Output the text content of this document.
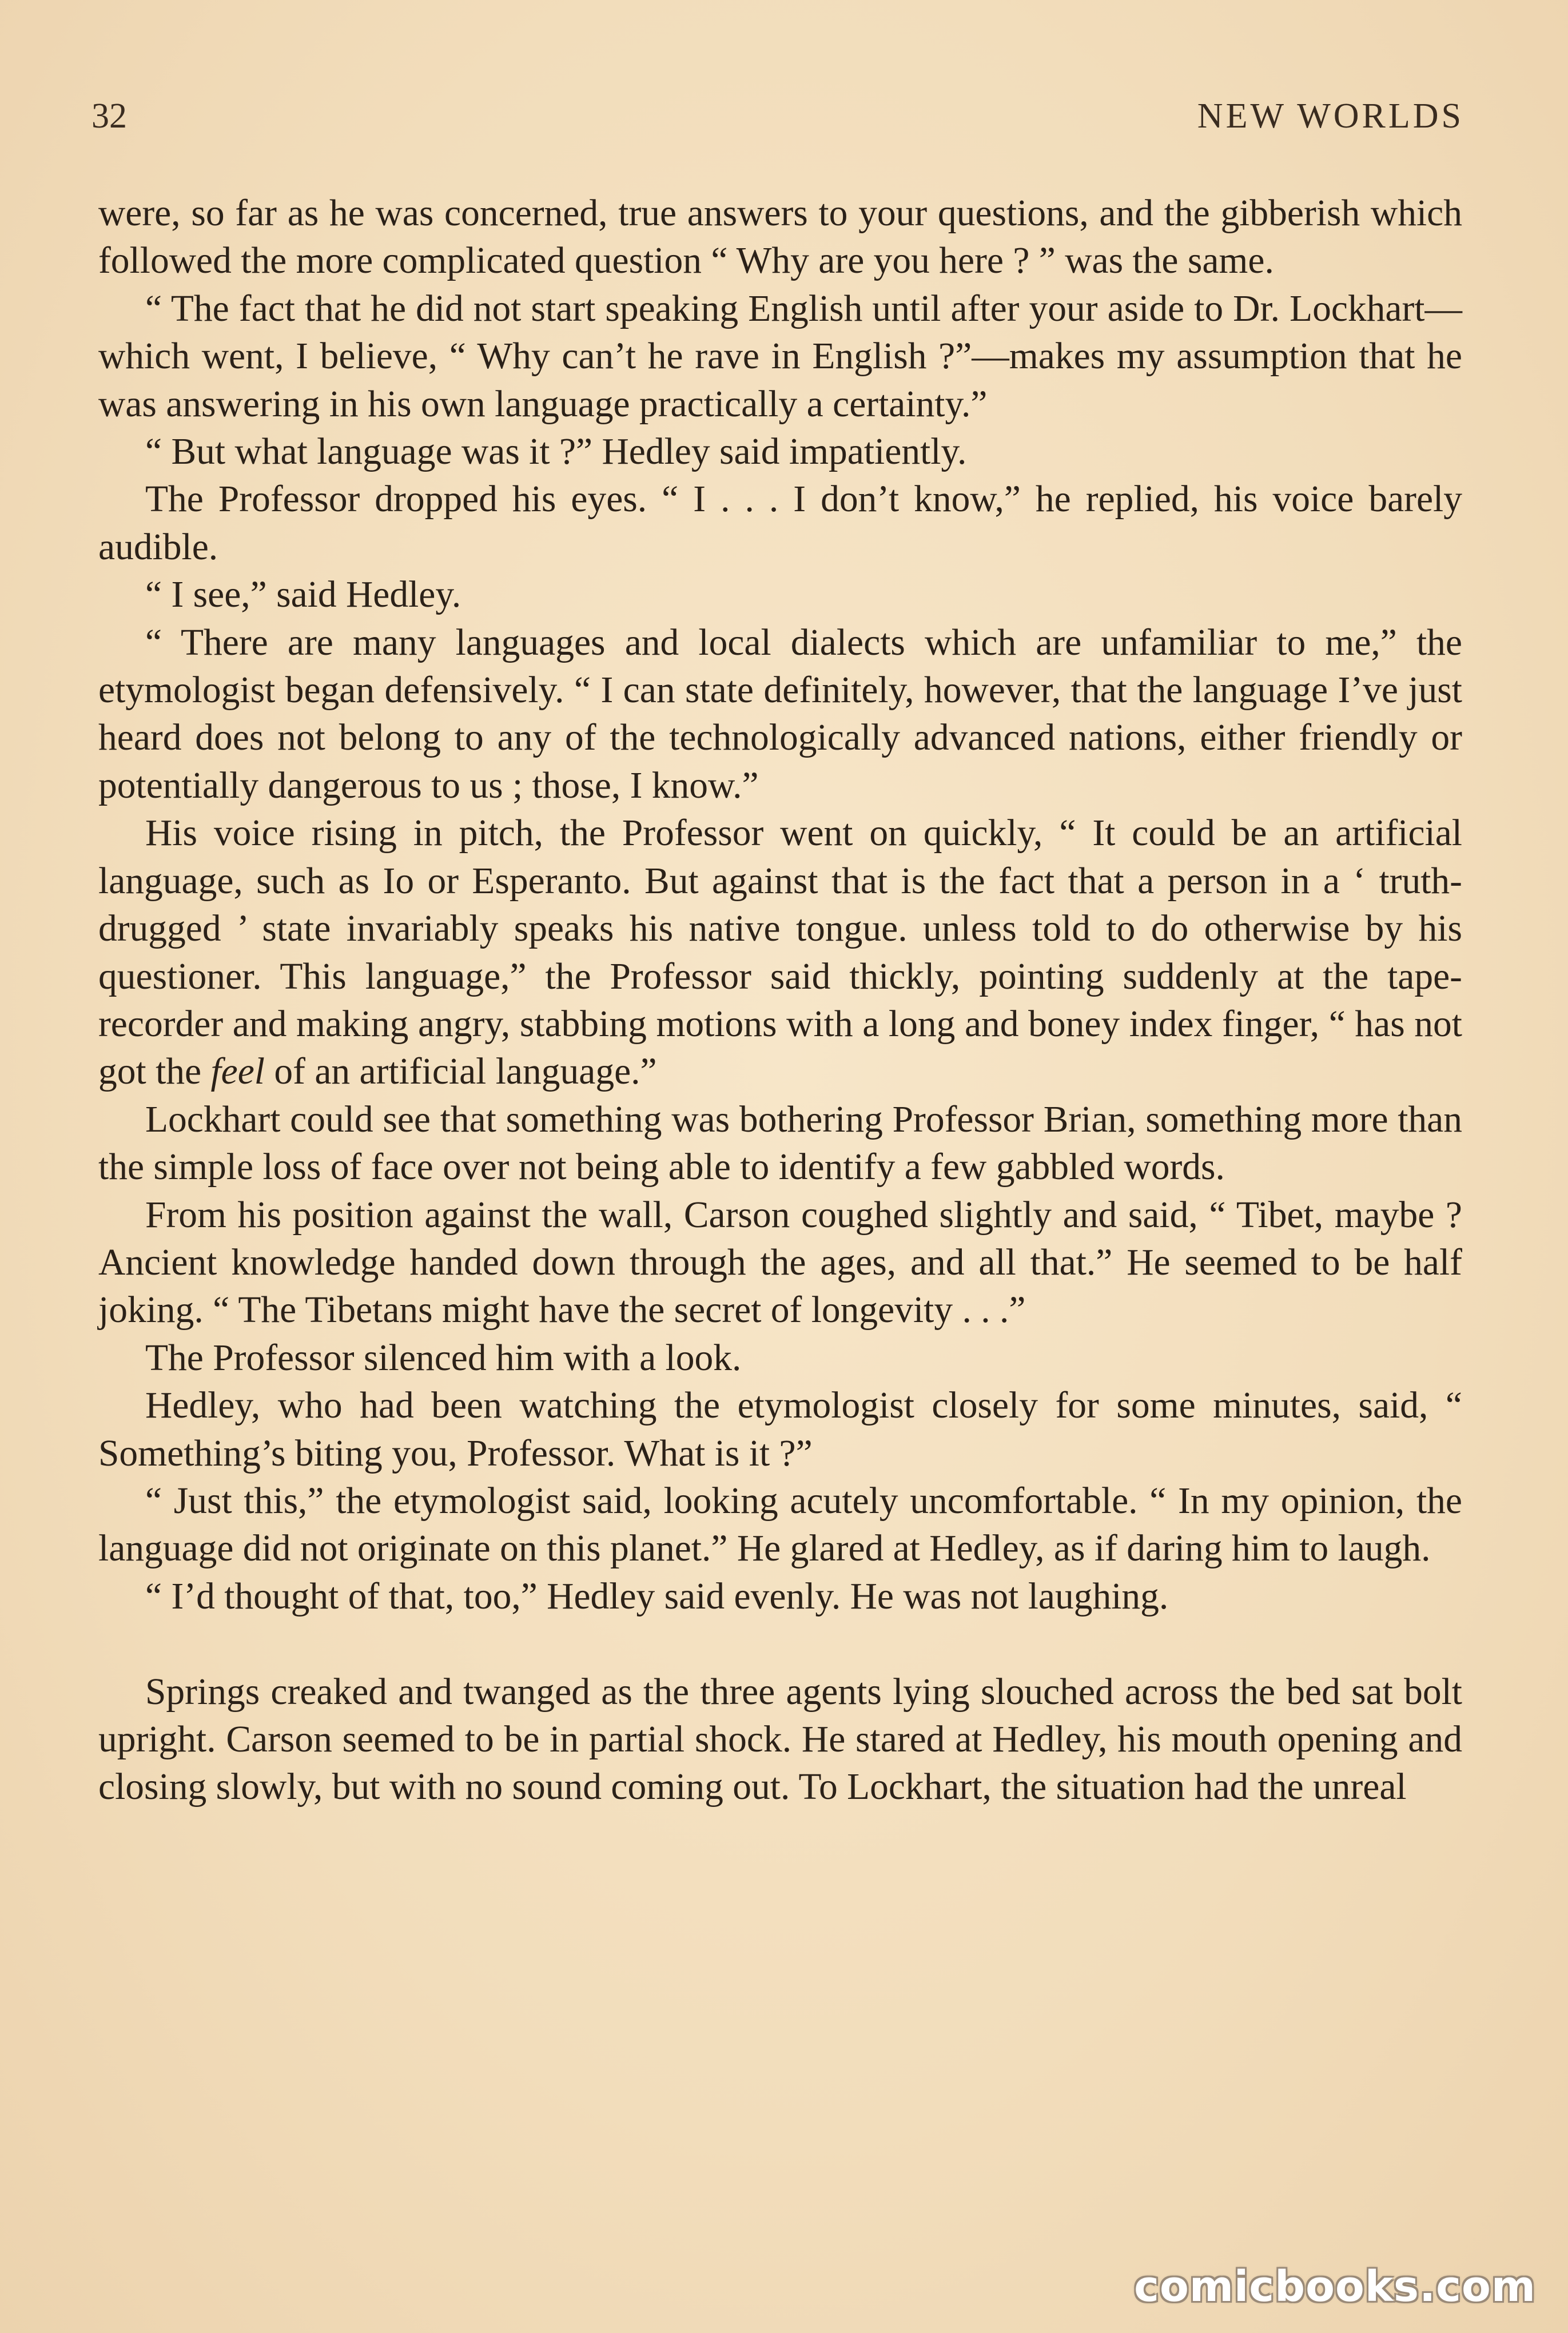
32	NEW WORLDS

were, so far as he was concerned, true answers to your questions, and the gibberish which followed the more complicated question “ Why are you here ? ” was the same.

“ The fact that he did not start speaking English until after your aside to Dr. Lockhart—which went, I believe, “ Why can’t he rave in English ?”—makes my assumption that he was answering in his own language practically a certainty.”

“ But what language was it ?” Hedley said impatiently.

The Professor dropped his eyes. “ I . . . I don’t know,” he replied, his voice barely audible.

“ I see,” said Hedley.

“ There are many languages and local dialects which are unfamiliar to me,” the etymologist began defensively. “ I can state definitely, however, that the language I’ve just heard does not belong to any of the technologically advanced nations, either friendly or potentially dangerous to us ; those, I know.”

His voice rising in pitch, the Professor went on quickly, “ It could be an artificial language, such as Io or Esperanto. But against that is the fact that a person in a ‘ truth-drugged ’ state invariably speaks his native tongue. unless told to do otherwise by his questioner. This language,” the Professor said thickly, pointing suddenly at the tape-recorder and making angry, stabbing motions with a long and boney index finger, “ has not got the feel of an artificial language.”

Lockhart could see that something was bothering Professor Brian, something more than the simple loss of face over not being able to identify a few gabbled words.

From his position against the wall, Carson coughed slightly and said, “ Tibet, maybe ? Ancient knowledge handed down through the ages, and all that.” He seemed to be half joking. “ The Tibetans might have the secret of longevity . . .”

The Professor silenced him with a look.

Hedley, who had been watching the etymologist closely for some minutes, said, “ Something’s biting you, Professor. What is it ?”

“ Just this,” the etymologist said, looking acutely uncomfortable. “ In my opinion, the language did not originate on this planet.” He glared at Hedley, as if daring him to laugh.

“ I’d thought of that, too,” Hedley said evenly. He was not laughing.

Springs creaked and twanged as the three agents lying slouched across the bed sat bolt upright. Carson seemed to be in partial shock. He stared at Hedley, his mouth opening and closing slowly, but with no sound coming out. To Lockhart, the situation had the unreal

comicbooks.com
